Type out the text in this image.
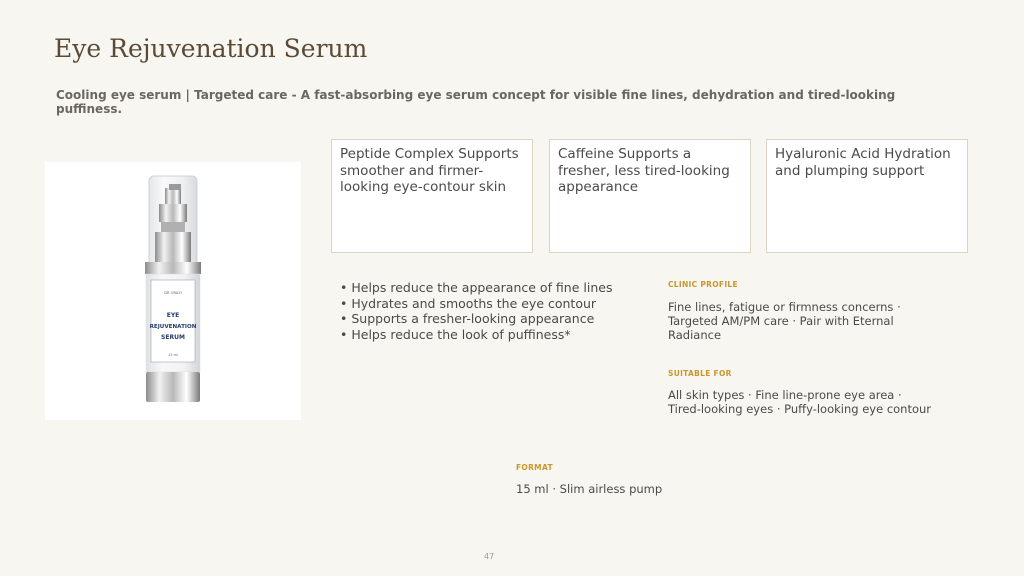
Eye Rejuvenation Serum

Cooling eye serum | Targeted care - A fast-absorbing eye serum concept for visible fine lines, dehydration and tired-looking puffiness.

DR ORAZI
EYE
REJUVENATION
SERUM
15 ml
Peptide Complex Supports smoother and firmer-looking eye-contour skin
Caffeine Supports a fresher, less tired-looking appearance
Hyaluronic Acid Hydration and plumping support
• Helps reduce the appearance of fine lines
• Hydrates and smooths the eye contour
• Supports a fresher-looking appearance
• Helps reduce the look of puffiness*

CLINIC PROFILE

Fine lines, fatigue or firmness concerns · Targeted AM/PM care · Pair with Eternal Radiance

SUITABLE FOR

All skin types · Fine line-prone eye area · Tired-looking eyes · Puffy-looking eye contour

FORMAT

15 ml · Slim airless pump

47
